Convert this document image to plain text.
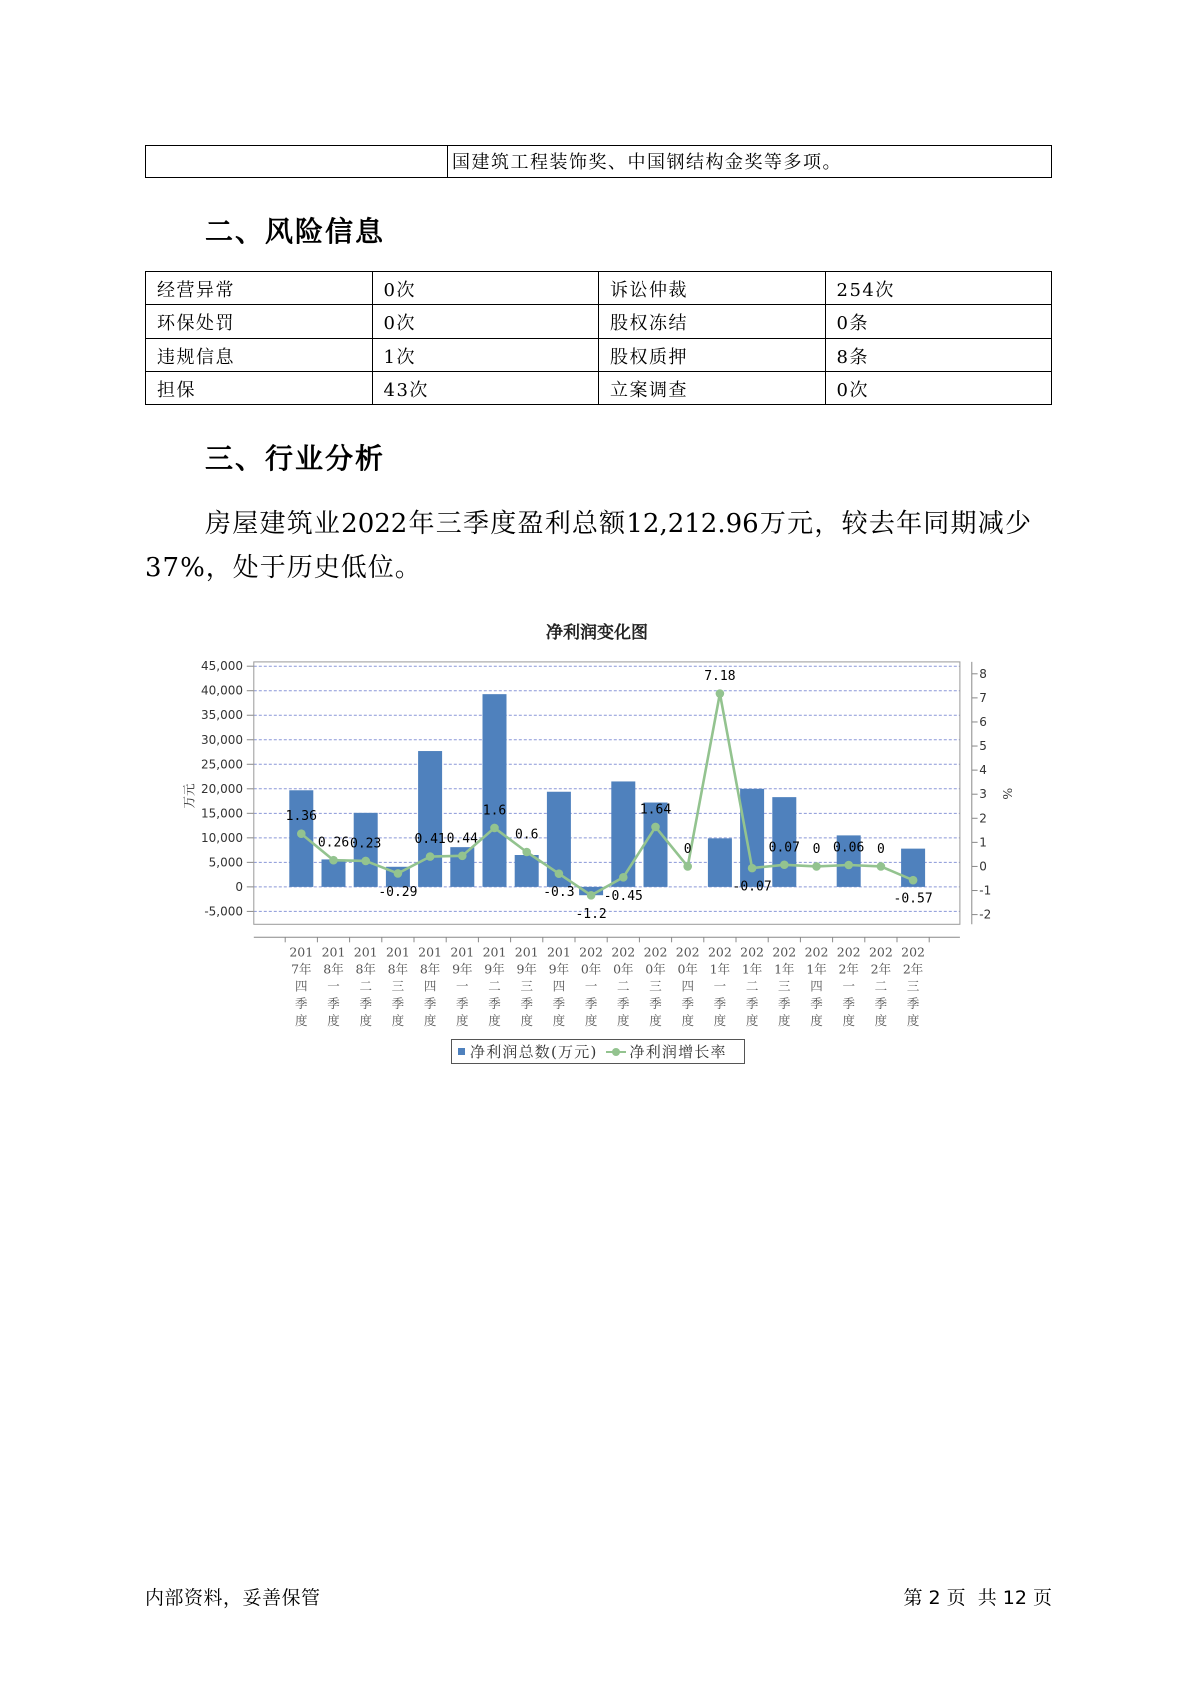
国建筑工程装饰奖、中国钢结构金奖等多项。
二、风险信息
经营异常	0次	诉讼仲裁	254次
环保处罚	0次	股权冻结	0条
违规信息	1次	股权质押	8条
担保	43次	立案调查	0次
三、行业分析
房屋建筑业2022年三季度盈利总额12,212.96万元，较去年同期减少
37%，处于历史低位。
净利润变化图
45,000
40,000
35,000
30,000
25,000
20,000
15,000
10,000
5,000
0
-5,000
8
7
6
5
4
3
2
1
0
-1
-2
201 7年四季度
201 8年一季度
201 8年二季度
201 8年三季度
201 8年四季度
201 9年一季度
201 9年二季度
201 9年三季度
201 9年四季度
202 0年一季度
202 0年二季度
202 0年三季度
202 0年四季度
202 1年一季度
202 1年二季度
202 1年三季度
202 1年四季度
202 2年一季度
202 2年二季度
202 2年三季度
1.36
0.26 0.23
-0.29
0.41 0.44
1.6
0.6
-0.3
-1.2
-0.45
1.64
0
7.18
-0.07
0.07 0 0.06 0
-0.57
万元	%
净利润总数(万元) 净利润增长率
内部资料，妥善保管	第 2 页  共 12 页
